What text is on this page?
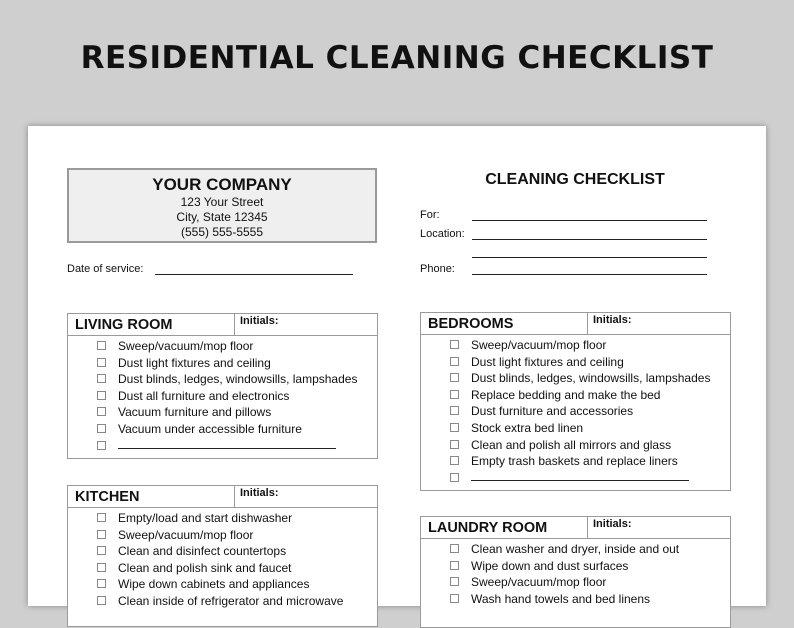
RESIDENTIAL CLEANING CHECKLIST
YOUR COMPANY
123 Your Street
City, State 12345
(555) 555-5555
CLEANING CHECKLIST
For:
Location:
Phone:
Date of service:
LIVING ROOM	Initials:
Sweep/vacuum/mop floor
Dust light fixtures and ceiling
Dust blinds, ledges, windowsills, lampshades
Dust all furniture and electronics
Vacuum furniture and pillows
Vacuum under accessible furniture
KITCHEN	Initials:
Empty/load and start dishwasher
Sweep/vacuum/mop floor
Clean and disinfect countertops
Clean and polish sink and faucet
Wipe down cabinets and appliances
Clean inside of refrigerator and microwave
BEDROOMS	Initials:
Sweep/vacuum/mop floor
Dust light fixtures and ceiling
Dust blinds, ledges, windowsills, lampshades
Replace bedding and make the bed
Dust furniture and accessories
Stock extra bed linen
Clean and polish all mirrors and glass
Empty trash baskets and replace liners
LAUNDRY ROOM	Initials:
Clean washer and dryer, inside and out
Wipe down and dust surfaces
Sweep/vacuum/mop floor
Wash hand towels and bed linens
